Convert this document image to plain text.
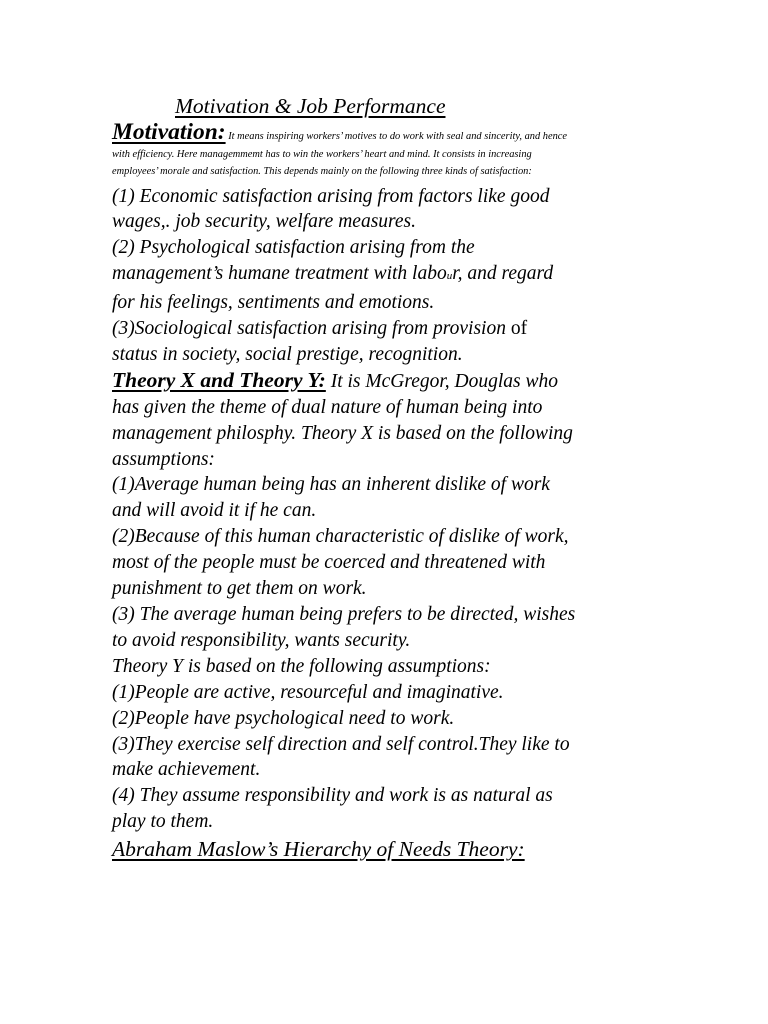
Motivation & Job Performance
Motivation: It means inspiring workers’ motives to do work with seal and sincerity, and hence
with efficiency. Here managemmemt has to win the workers’ heart and mind. It consists in increasing
employees’ morale and satisfaction. This depends mainly on the following three kinds of satisfaction:
(1) Economic satisfaction arising from factors like good
wages,. job security, welfare measures.
(2) Psychological satisfaction arising from the
management’s humane treatment with labour, and regard
for his feelings, sentiments and emotions.
(3)Sociological satisfaction arising from provision of
status in society, social prestige, recognition.
Theory X and Theory Y: It is McGregor, Douglas who
has given the theme of dual nature of human being into
management philosphy. Theory X is based on the following
assumptions:
(1)Average human being has an inherent dislike of work
and will avoid it if he can.
(2)Because of this human characteristic of dislike of work,
most of the people must be coerced and threatened with
punishment to get them on work.
(3) The average human being prefers to be directed, wishes
to avoid responsibility, wants security.
Theory Y is based on the following assumptions:
(1)People are active, resourceful and imaginative.
(2)People have psychological need to work.
(3)They exercise self direction and self control.They like to
make achievement.
(4) They assume responsibility and work is as natural as
play to them.
Abraham Maslow’s Hierarchy of Needs Theory:
